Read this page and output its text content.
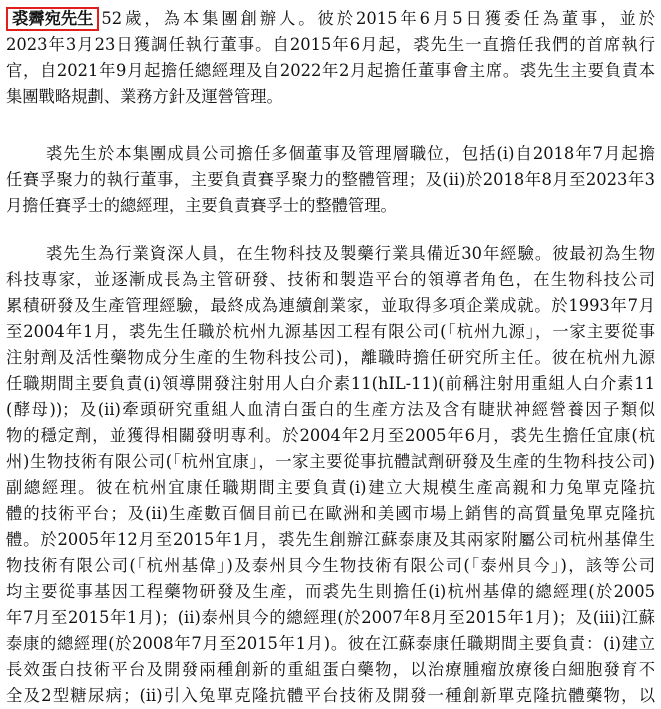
裘霽宛先生 52歲，為本集團創辦人。彼於2015年6月5日獲委任為董事，並於
2023年3月23日獲調任執行董事。自2015年6月起，裘先生一直擔任我們的首席執行
官，自2021年9月起擔任總經理及自2022年2月起擔任董事會主席。裘先生主要負責本
集團戰略規劃、業務方針及運營管理。
裘先生於本集團成員公司擔任多個董事及管理層職位，包括(i)自2018年7月起擔
任賽孚聚力的執行董事，主要負責賽孚聚力的整體管理；及(ii)於2018年8月至2023年3
月擔任賽孚士的總經理，主要負責賽孚士的整體管理。
裘先生為行業資深人員，在生物科技及製藥行業具備近30年經驗。彼最初為生物
科技專家，並逐漸成長為主管研發、技術和製造平台的領導者角色，在生物科技公司
累積研發及生產管理經驗，最終成為連續創業家，並取得多項企業成就。於1993年7月
至2004年1月，裘先生任職於杭州九源基因工程有限公司(「杭州九源」，一家主要從事
注射劑及活性藥物成分生產的生物科技公司)，離職時擔任研究所主任。彼在杭州九源
任職期間主要負責(i)領導開發注射用人白介素11(hIL-11)(前稱注射用重組人白介素11
(酵母))；及(ii)牽頭研究重組人血清白蛋白的生產方法及含有睫狀神經營養因子類似
物的穩定劑，並獲得相關發明專利。於2004年2月至2005年6月，裘先生擔任宜康(杭
州)生物技術有限公司(「杭州宜康」，一家主要從事抗體試劑研發及生產的生物科技公司)
副總經理。彼在杭州宜康任職期間主要負責(i)建立大規模生產高親和力兔單克隆抗
體的技術平台；及(ii)生產數百個目前已在歐洲和美國市場上銷售的高質量兔單克隆抗
體。於2005年12月至2015年1月，裘先生創辦江蘇泰康及其兩家附屬公司杭州基偉生
物技術有限公司(「杭州基偉」)及泰州貝今生物技術有限公司(「泰州貝今」)，該等公司
均主要從事基因工程藥物研發及生產，而裘先生則擔任(i)杭州基偉的總經理(於2005
年7月至2015年1月)；(ii)泰州貝今的總經理(於2007年8月至2015年1月)；及(iii)江蘇
泰康的總經理(於2008年7月至2015年1月)。彼在江蘇泰康任職期間主要負責：(i)建立
長效蛋白技術平台及開發兩種創新的重組蛋白藥物，以治療腫瘤放療後白細胞發育不
全及2型糖尿病；(ii)引入兔單克隆抗體平台技術及開發一種創新單克隆抗體藥物，以
